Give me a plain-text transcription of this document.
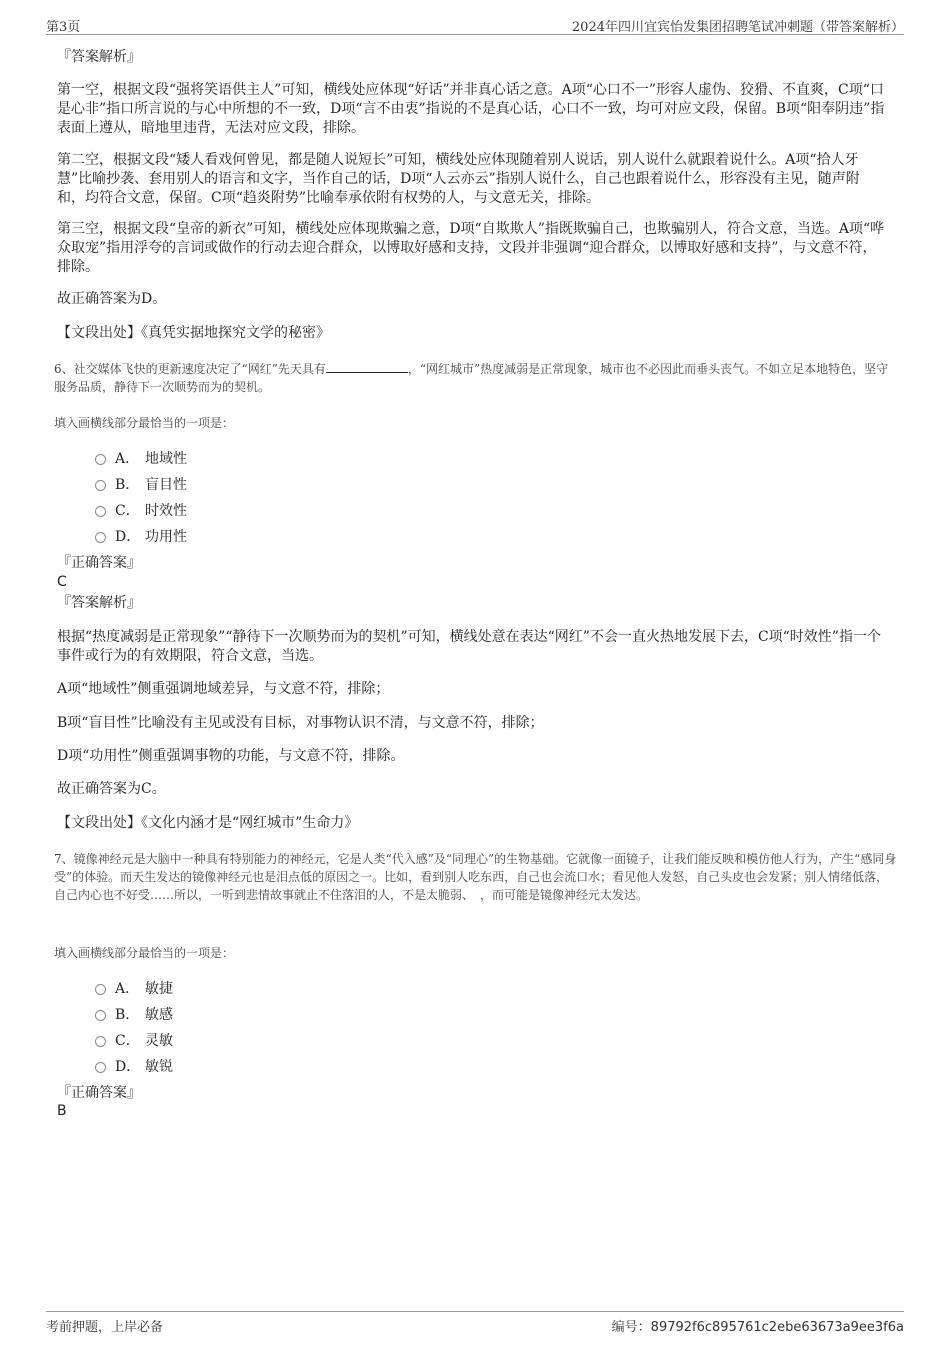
第3页	2024年四川宜宾怡发集团招聘笔试冲刺题（带答案解析）
『答案解析』
第一空，根据文段“强将笑语供主人”可知，横线处应体现“好话”并非真心话之意。A项“心口不一”形容人虚伪、狡猾、不直爽，C项“口是心非”指口所言说的与心中所想的不一致，D项“言不由衷”指说的不是真心话，心口不一致，均可对应文段，保留。B项“阳奉阴违”指表面上遵从，暗地里违背，无法对应文段，排除。
第二空，根据文段“矮人看戏何曾见，都是随人说短长”可知，横线处应体现随着别人说话，别人说什么就跟着说什么。A项“拾人牙慧”比喻抄袭、套用别人的语言和文字，当作自己的话，D项“人云亦云”指别人说什么，自己也跟着说什么，形容没有主见，随声附和，均符合文意，保留。C项“趋炎附势”比喻奉承依附有权势的人，与文意无关，排除。
第三空，根据文段“皇帝的新衣”可知，横线处应体现欺骗之意，D项“自欺欺人”指既欺骗自己，也欺骗别人，符合文意，当选。A项“哗众取宠”指用浮夸的言词或做作的行动去迎合群众，以博取好感和支持，文段并非强调“迎合群众，以博取好感和支持”，与文意不符，排除。
故正确答案为D。
【文段出处】《真凭实据地探究文学的秘密》
6、社交媒体飞快的更新速度决定了“网红”先天具有	，“网红城市”热度减弱是正常现象，城市也不必因此而垂头丧气。不如立足本地特色，坚守服务品质，静待下一次顺势而为的契机。
填入画横线部分最恰当的一项是：
A． 地域性
B． 盲目性
C． 时效性
D． 功用性
『正确答案』
C
『答案解析』
根据“热度减弱是正常现象”“静待下一次顺势而为的契机”可知，横线处意在表达“网红”不会一直火热地发展下去，C项“时效性”指一个事件或行为的有效期限，符合文意，当选。
A项“地域性”侧重强调地域差异，与文意不符，排除；
B项“盲目性”比喻没有主见或没有目标，对事物认识不清，与文意不符，排除；
D项“功用性”侧重强调事物的功能，与文意不符，排除。
故正确答案为C。
【文段出处】《文化内涵才是“网红城市”生命力》
7、镜像神经元是大脑中一种具有特别能力的神经元，它是人类“代入感”及“同理心”的生物基础。它就像一面镜子，让我们能反映和模仿他人行为，产生“感同身受”的体验。而天生发达的镜像神经元也是泪点低的原因之一。比如，看到别人吃东西，自己也会流口水；看见他人发怒，自己头皮也会发紧；别人情绪低落，自己内心也不好受……所以，一听到悲情故事就止不住落泪的人，不是太脆弱、　，而可能是镜像神经元太发达。
填入画横线部分最恰当的一项是：
A． 敏捷
B． 敏感
C． 灵敏
D． 敏锐
『正确答案』
B
考前押题，上岸必备	编号：89792f6c895761c2ebe63673a9ee3f6a
